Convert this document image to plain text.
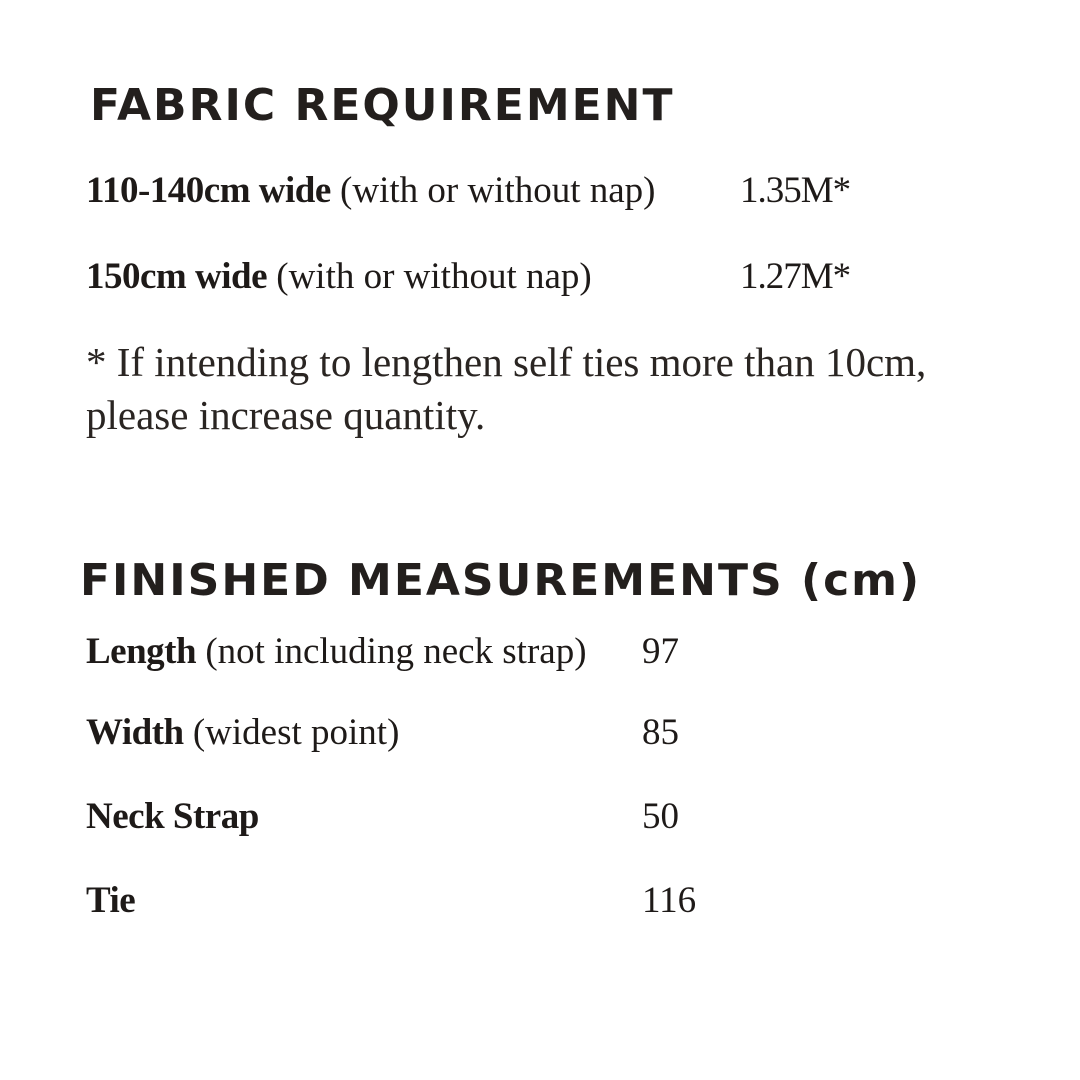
FABRIC REQUIREMENT
110-140cm wide (with or without nap) 1.35M*
150cm wide (with or without nap)	1.27M*

* If intending to lengthen self ties more than 10cm,
please increase quantity.

FINISHED MEASUREMENTS (cm)
Length (not including neck strap) 97
Width (widest point)	85
Neck Strap	50
Tie	116
